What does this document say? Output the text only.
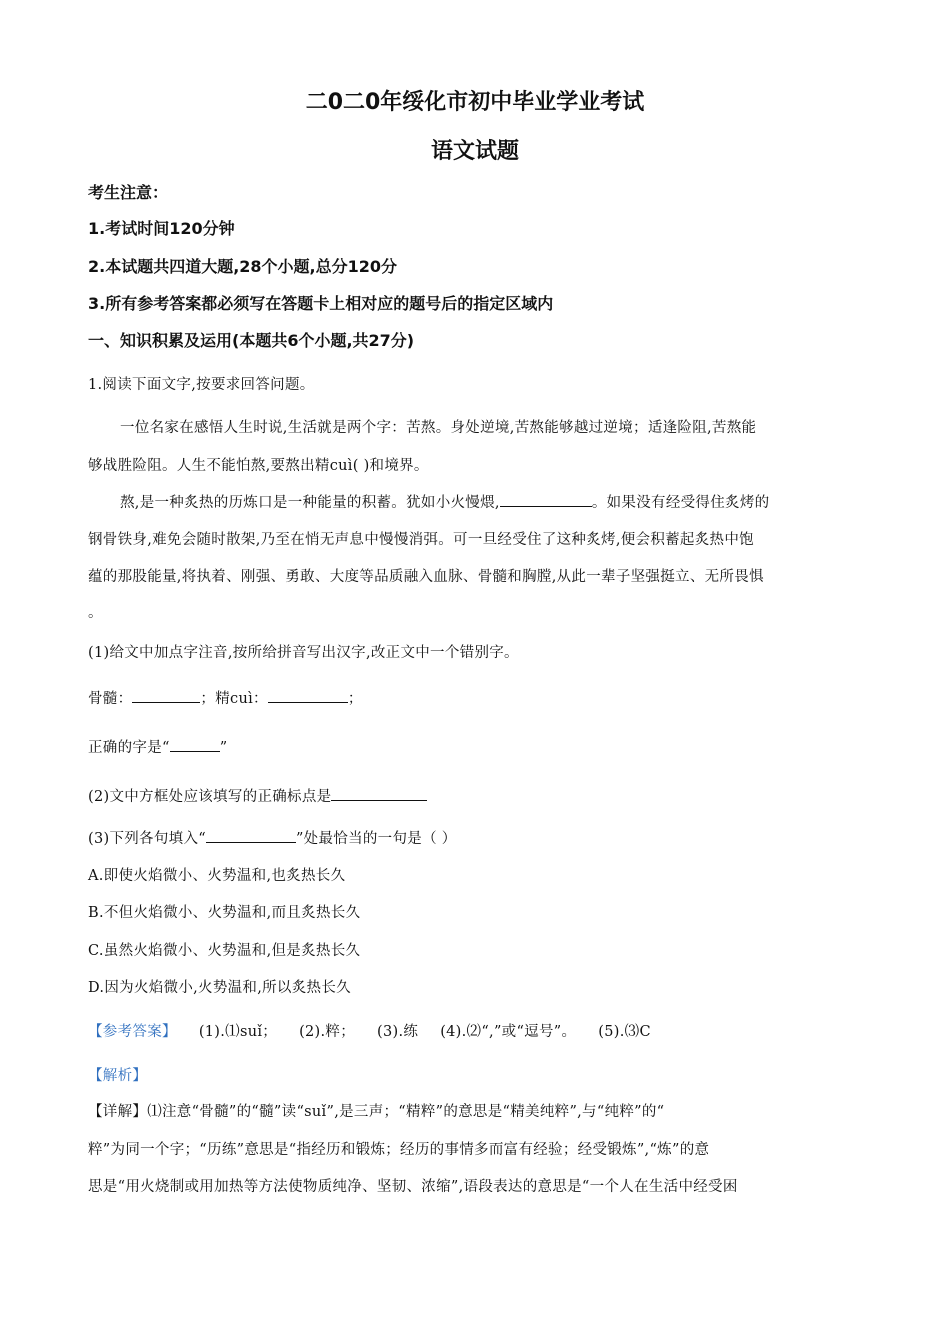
二0二0年绥化市初中毕业学业考试
语文试题
考生注意：
1.考试时间120分钟
2.本试题共四道大题,28个小题,总分120分
3.所有参考答案都必须写在答题卡上相对应的题号后的指定区域内
一、知识积累及运用(本题共6个小题,共27分)
1.阅读下面文字,按要求回答问题。
一位名家在感悟人生时说,生活就是两个字：苦熬。身处逆境,苦熬能够越过逆境；适逢险阻,苦熬能
够战胜险阻。人生不能怕熬,要熬出精cuì( )和境界。
熬,是一种炙热的历炼口是一种能量的积蓄。犹如小火慢煨,	。如果没有经受得住炙烤的
钢骨铁身,难免会随时散架,乃至在悄无声息中慢慢消弭。可一旦经受住了这种炙烤,便会积蓄起炙热中饱
蕴的那股能量,将执着、刚强、勇敢、大度等品质融入血脉、骨髓和胸膛,从此一辈子坚强挺立、无所畏惧
。
(1)给文中加点字注音,按所给拼音写出汉字,改正文中一个错别字。
骨髓：	；精cuì：	；
正确的字是“	”
(2)文中方框处应该填写的正确标点是
(3)下列各句填入“	”处最恰当的一句是（ ）
A.即使火焰微小、火势温和,也炙热长久
B.不但火焰微小、火势温和,而且炙热长久
C.虽然火焰微小、火势温和,但是炙热长久
D.因为火焰微小,火势温和,所以炙热长久
【参考答案】 (1).⑴suǐ； (2).粹； (3).练 (4).⑵“,”或“逗号”。 (5).⑶C
【解析】
【详解】⑴注意“骨髓”的“髓”读“suǐ”,是三声；“精粹”的意思是“精美纯粹”,与“纯粹”的“
粹”为同一个字；“历练”意思是“指经历和锻炼；经历的事情多而富有经验；经受锻炼”,“炼”的意
思是“用火烧制或用加热等方法使物质纯净、坚韧、浓缩”,语段表达的意思是“一个人在生活中经受困
